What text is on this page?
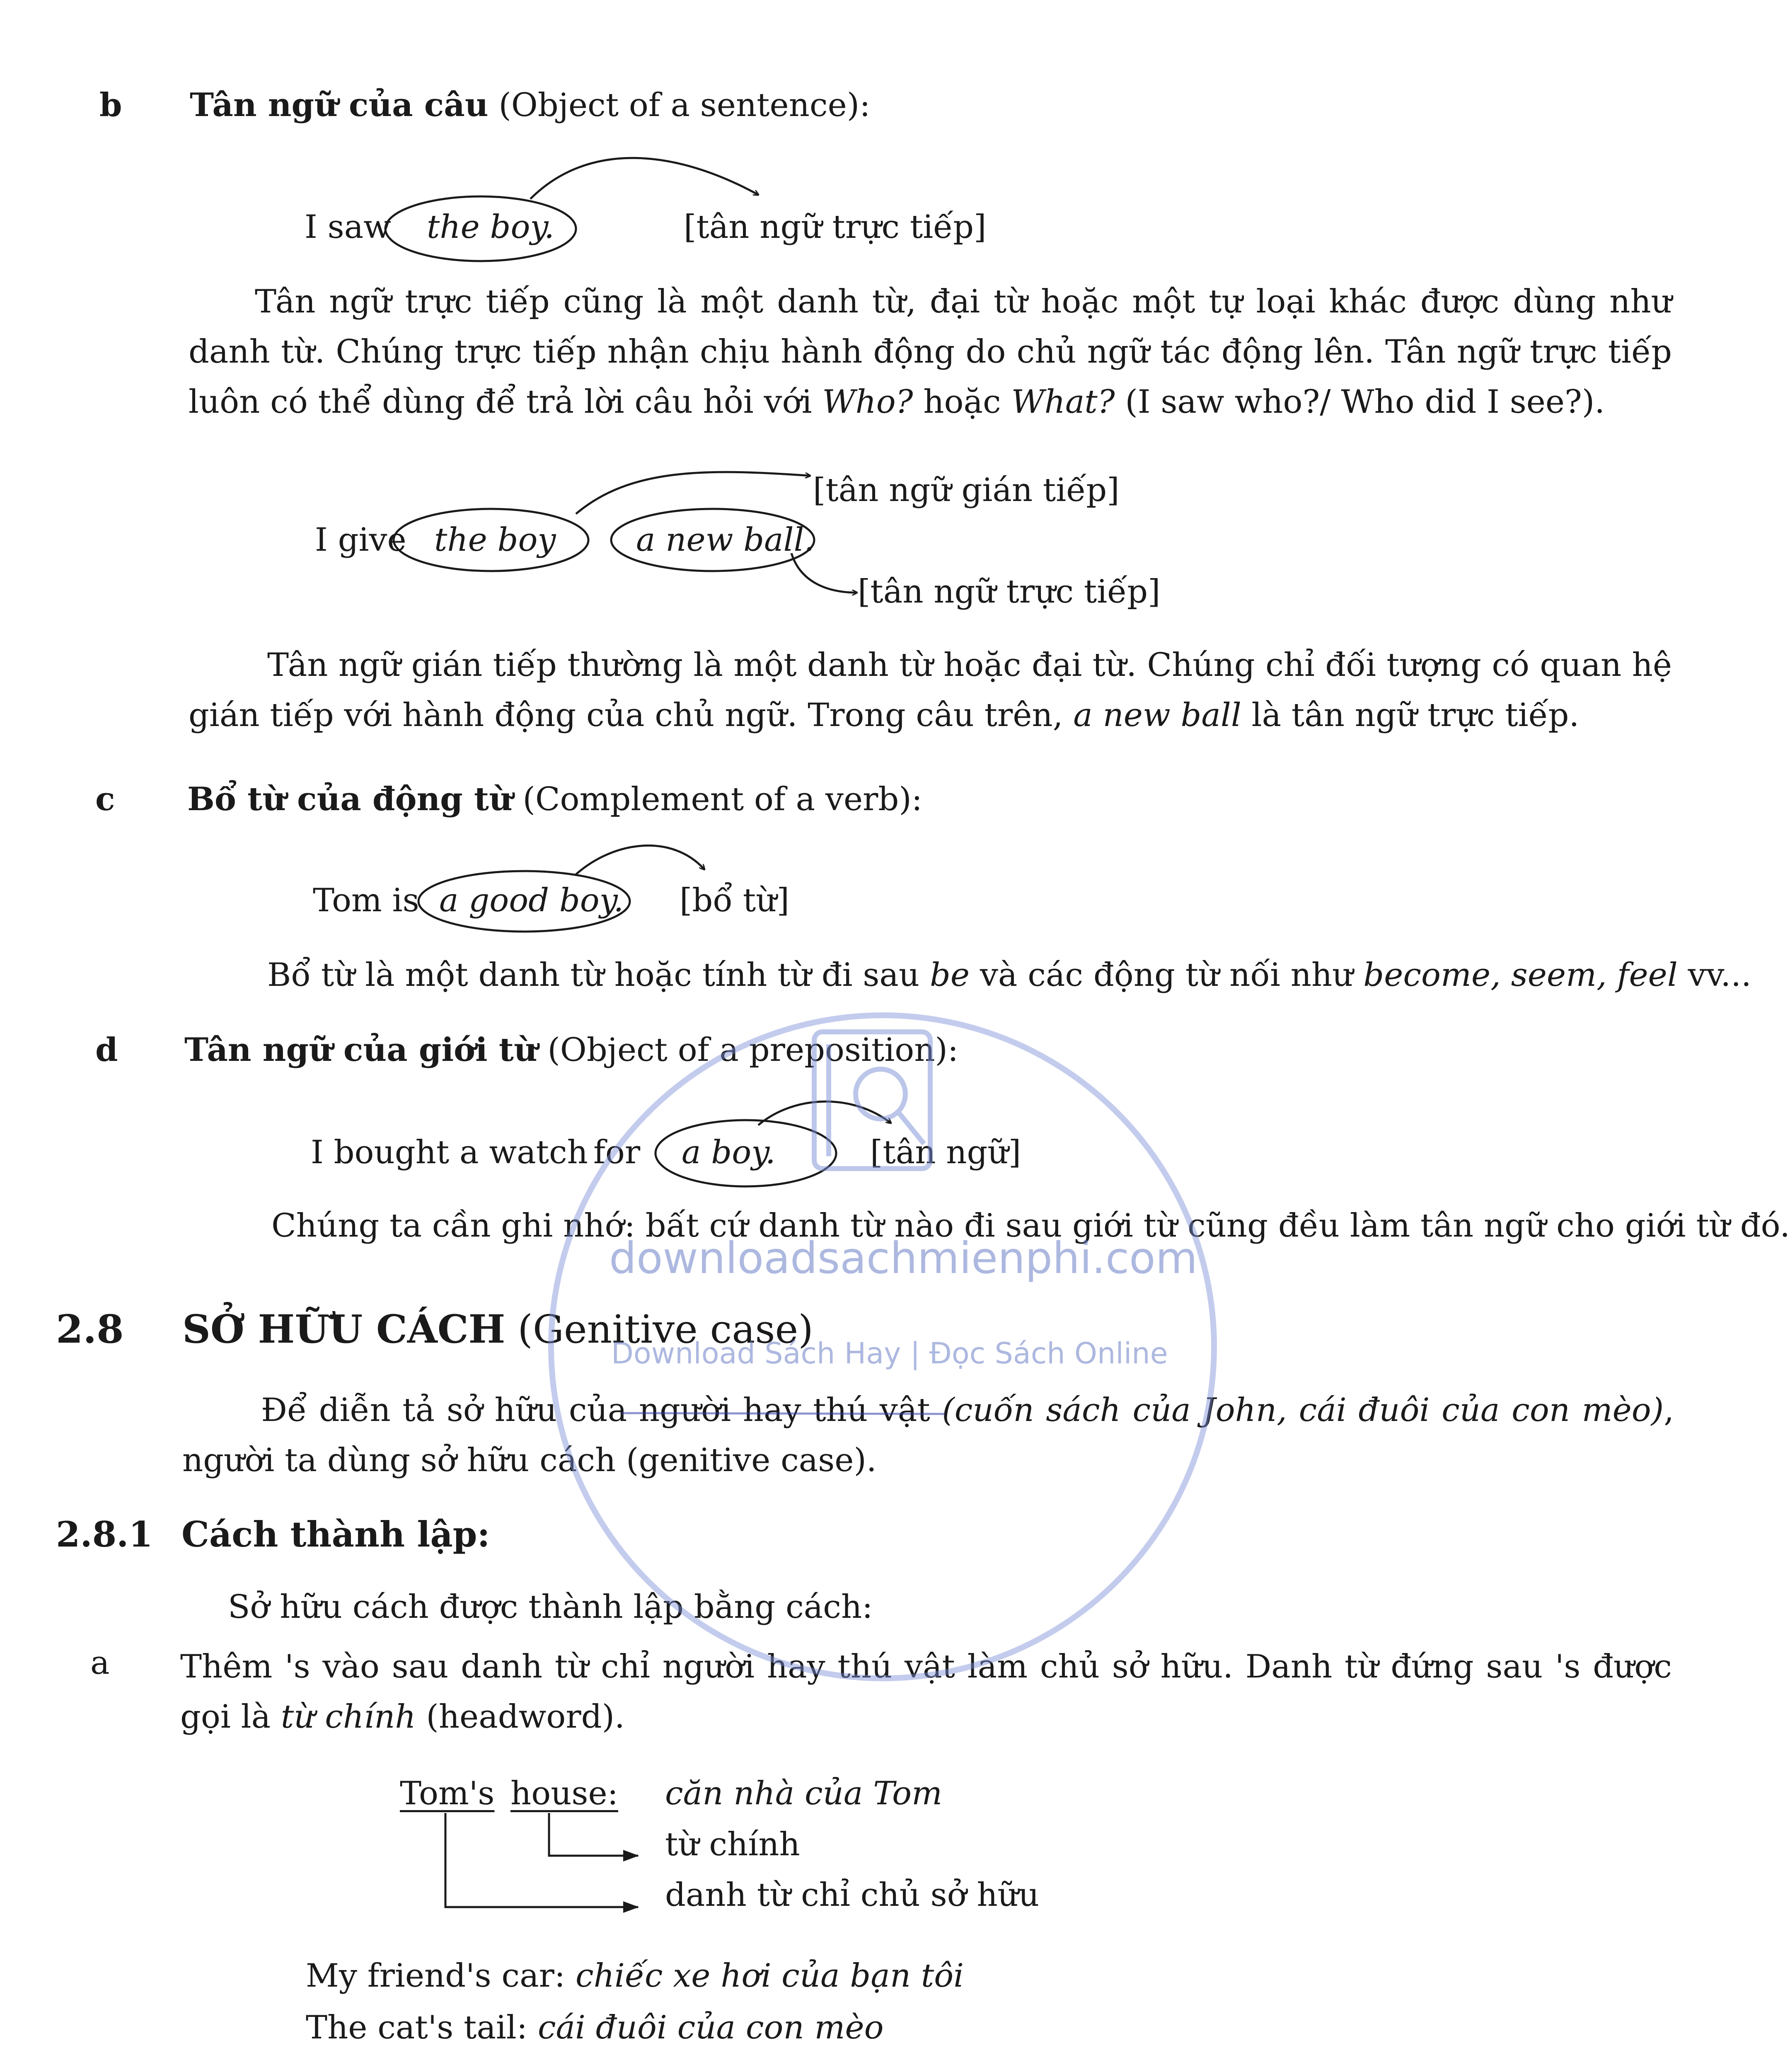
b Tân ngữ của câu (Object of a sentence):
I saw the boy.	[tân ngữ trực tiếp]
Tân ngữ trực tiếp cũng là một danh từ, đại từ hoặc một tự loại khác được dùng như danh từ. Chúng trực tiếp nhận chịu hành động do chủ ngữ tác động lên. Tân ngữ trực tiếp luôn có thể dùng để trả lời câu hỏi với Who? hoặc What? (I saw who?/ Who did I see?).
[tân ngữ gián tiếp]
I give the boy a new ball.
[tân ngữ trực tiếp]
Tân ngữ gián tiếp thường là một danh từ hoặc đại từ. Chúng chỉ đối tượng có quan hệ gián tiếp với hành động của chủ ngữ. Trong câu trên, a new ball là tân ngữ trực tiếp.
c Bổ từ của động từ (Complement of a verb):
Tom is a good boy. [bổ từ]
Bổ từ là một danh từ hoặc tính từ đi sau be và các động từ nối như become, seem, feel vv...
d Tân ngữ của giới từ (Object of a preposition):
I bought a watch for a boy.	[tân ngữ]
Chúng ta cần ghi nhớ: bất cứ danh từ nào đi sau giới từ cũng đều làm tân ngữ cho giới từ đó.
2.8 SỞ HỮU CÁCH (Genitive case)
Để diễn tả sở hữu của người hay thú vật (cuốn sách của John, cái đuôi của con mèo), người ta dùng sở hữu cách (genitive case).
2.8.1 Cách thành lập:
Sở hữu cách được thành lập bằng cách:
a Thêm 's vào sau danh từ chỉ người hay thú vật làm chủ sở hữu. Danh từ đứng sau 's được gọi là từ chính (headword).
Tom's house: căn nhà của Tom
từ chính
danh từ chỉ chủ sở hữu
My friend's car: chiếc xe hơi của bạn tôi
The cat's tail: cái đuôi của con mèo
downloadsachmienphi.com
Download Sách Hay | Đọc Sách Online
